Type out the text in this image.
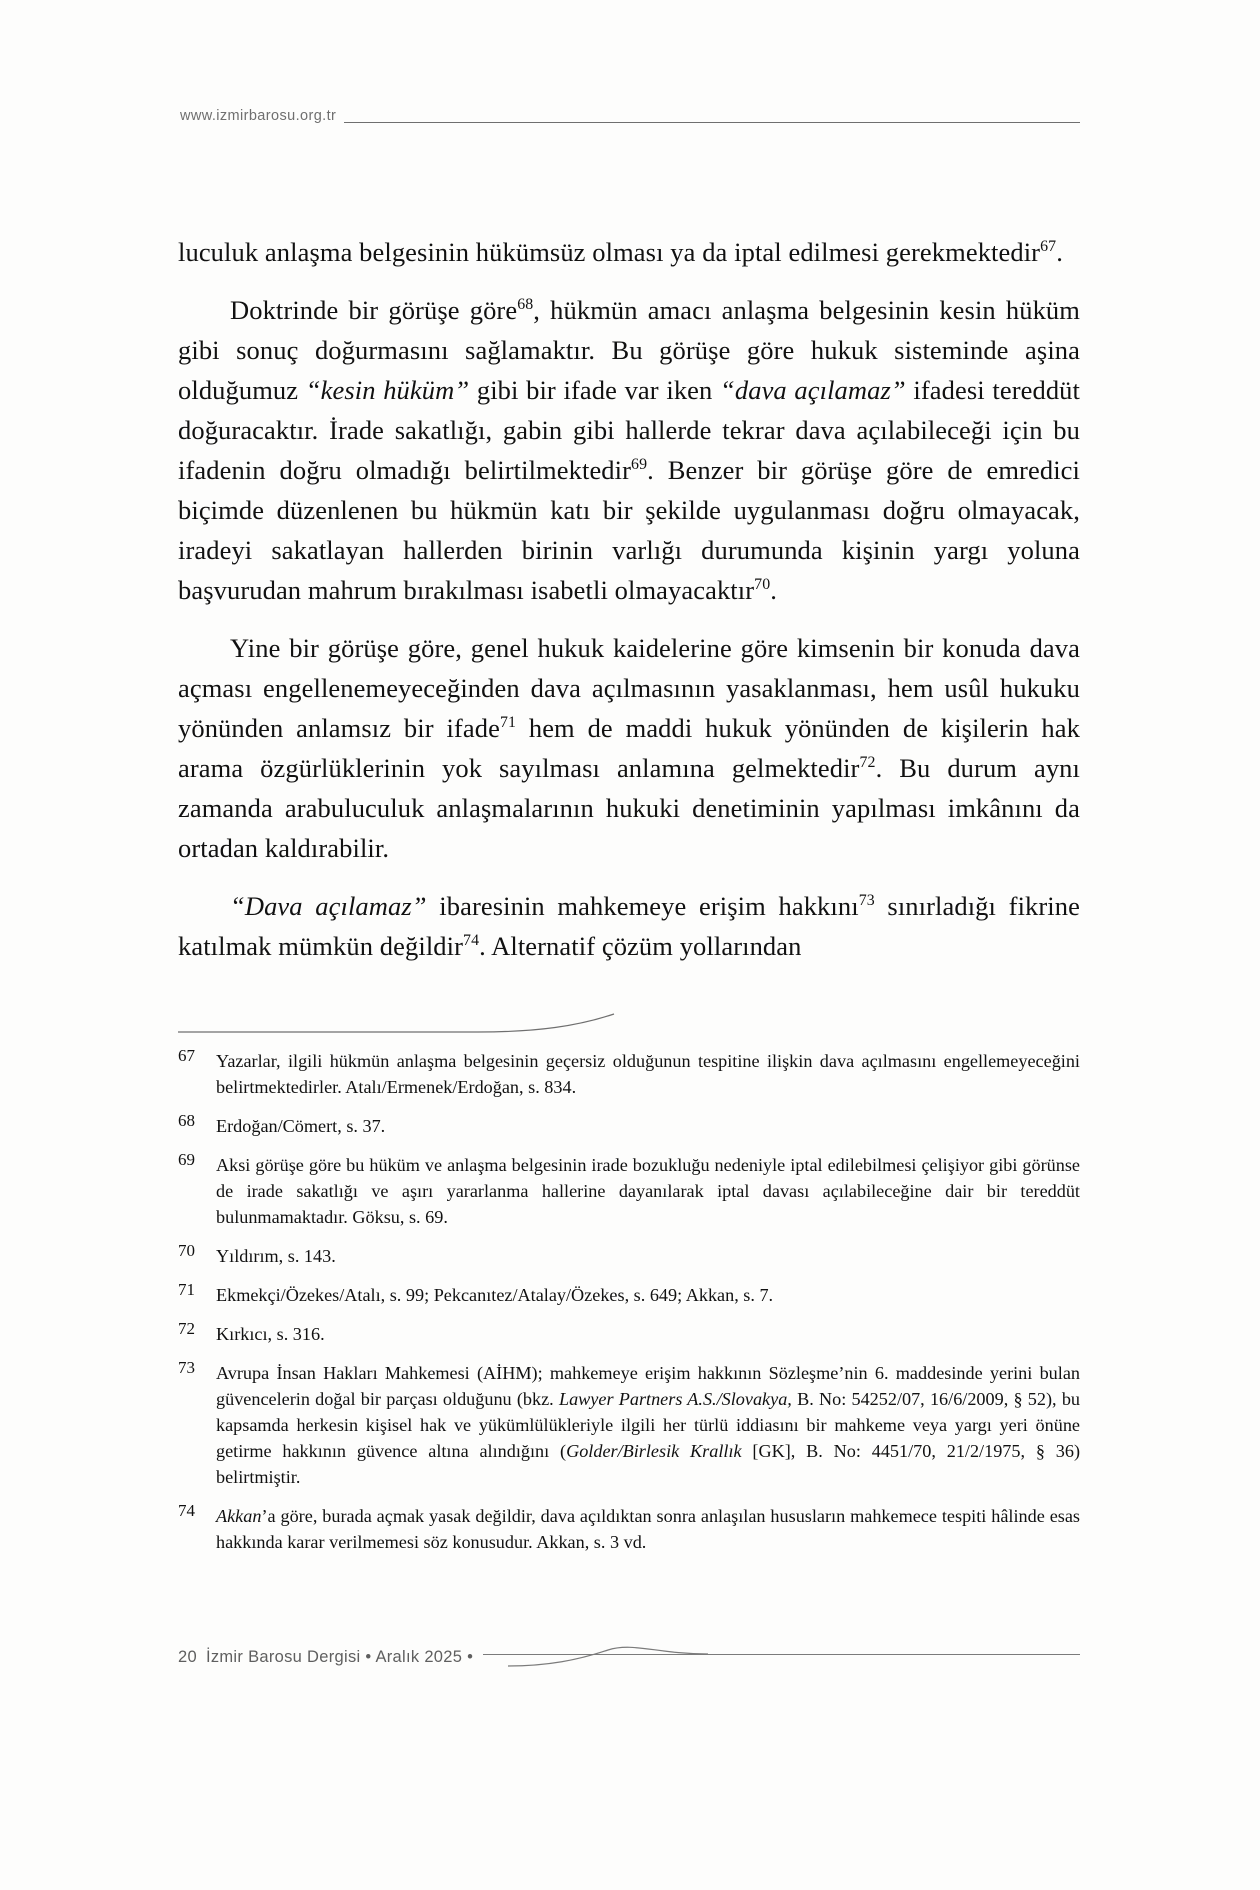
www.izmirbarosu.org.tr

luculuk anlaşma belgesinin hükümsüz olması ya da iptal edilmesi gerekmektedir$^{67}$.

Doktrinde bir görüşe göre$^{68}$, hükmün amacı anlaşma belgesinin kesin hüküm gibi sonuç doğurmasını sağlamaktır. Bu görüşe göre hukuk sisteminde aşina olduğumuz “kesin hüküm” gibi bir ifade var iken “dava açılamaz” ifadesi tereddüt doğuracaktır. İrade sakatlığı, gabin gibi hallerde tekrar dava açılabileceği için bu ifadenin doğru olmadığı belirtilmektedir$^{69}$. Benzer bir görüşe göre de emredici biçimde düzenlenen bu hükmün katı bir şekilde uygulanması doğru olmayacak, iradeyi sakatlayan hallerden birinin varlığı durumunda kişinin yargı yoluna başvurudan mahrum bırakılması isabetli olmayacaktır$^{70}$.

Yine bir görüşe göre, genel hukuk kaidelerine göre kimsenin bir konuda dava açması engellenemeyeceğinden dava açılmasının yasaklanması, hem usûl hukuku yönünden anlamsız bir ifade$^{71}$ hem de maddi hukuk yönünden de kişilerin hak arama özgürlüklerinin yok sayılması anlamına gelmektedir$^{72}$. Bu durum aynı zamanda arabuluculuk anlaşmalarının hukuki denetiminin yapılması imkânını da ortadan kaldırabilir.

“Dava açılamaz” ibaresinin mahkemeye erişim hakkını$^{73}$ sınırladığı fikrine katılmak mümkün değildir$^{74}$. Alternatif çözüm yollarından

67 Yazarlar, ilgili hükmün anlaşma belgesinin geçersiz olduğunun tespitine ilişkin dava açılmasını engellemeyeceğini belirtmektedirler. Atalı/Ermenek/Erdoğan, s. 834.
68 Erdoğan/Cömert, s. 37.
69 Aksi görüşe göre bu hüküm ve anlaşma belgesinin irade bozukluğu nedeniyle iptal edilebilmesi çelişiyor gibi görünse de irade sakatlığı ve aşırı yararlanma hallerine dayanılarak iptal davası açılabileceğine dair bir tereddüt bulunmamaktadır. Göksu, s. 69.
70 Yıldırım, s. 143.
71 Ekmekçi/Özekes/Atalı, s. 99; Pekcanıtez/Atalay/Özekes, s. 649; Akkan, s. 7.
72 Kırkıcı, s. 316.
73 Avrupa İnsan Hakları Mahkemesi (AİHM); mahkemeye erişim hakkının Sözleşme’nin 6. maddesinde yerini bulan güvencelerin doğal bir parçası olduğunu (bkz. Lawyer Partners A.S./Slovakya, B. No: 54252/07, 16/6/2009, § 52), bu kapsamda herkesin kişisel hak ve yükümlülükleriyle ilgili her türlü iddiasını bir mahkeme veya yargı yeri önüne getirme hakkının güvence altına alındığını (Golder/Birlesik Krallık [GK], B. No: 4451/70, 21/2/1975, § 36) belirtmiştir.
74 Akkan’a göre, burada açmak yasak değildir, dava açıldıktan sonra anlaşılan hususların mahkemece tespiti hâlinde esas hakkında karar verilmemesi söz konusudur. Akkan, s. 3 vd.
20 İzmir Barosu Dergisi • Aralık 2025 •
